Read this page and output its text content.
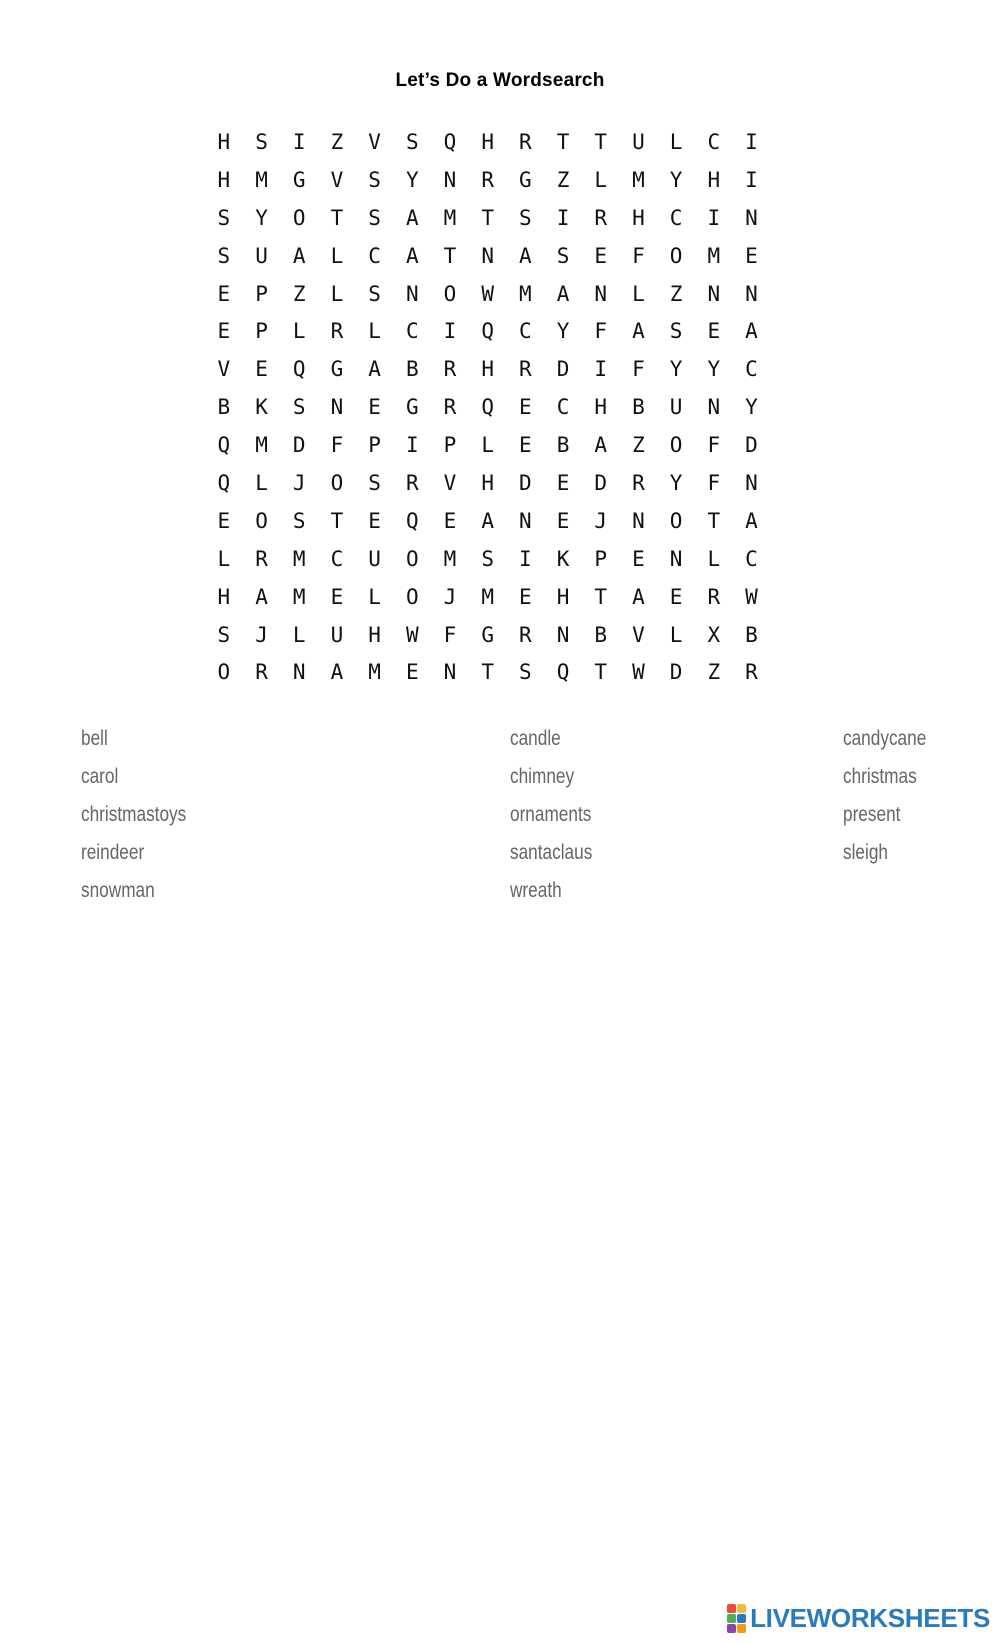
Let’s Do a Wordsearch
H	S	I	Z	V	S	Q	H	R	T	T	U	L	C	I
H	M	G	V	S	Y	N	R	G	Z	L	M	Y	H	I
S	Y	O	T	S	A	M	T	S	I	R	H	C	I	N
S	U	A	L	C	A	T	N	A	S	E	F	O	M	E
E	P	Z	L	S	N	O	W	M	A	N	L	Z	N	N
E	P	L	R	L	C	I	Q	C	Y	F	A	S	E	A
V	E	Q	G	A	B	R	H	R	D	I	F	Y	Y	C
B	K	S	N	E	G	R	Q	E	C	H	B	U	N	Y
Q	M	D	F	P	I	P	L	E	B	A	Z	O	F	D
Q	L	J	O	S	R	V	H	D	E	D	R	Y	F	N
E	O	S	T	E	Q	E	A	N	E	J	N	O	T	A
L	R	M	C	U	O	M	S	I	K	P	E	N	L	C
H	A	M	E	L	O	J	M	E	H	T	A	E	R	W
S	J	L	U	H	W	F	G	R	N	B	V	L	X	B
O	R	N	A	M	E	N	T	S	Q	T	W	D	Z	R
bell
carol
christmastoys
reindeer
snowman
candle
chimney
ornaments
santaclaus
wreath
candycane
christmas
present
sleigh
LIVEWORKSHEETS
